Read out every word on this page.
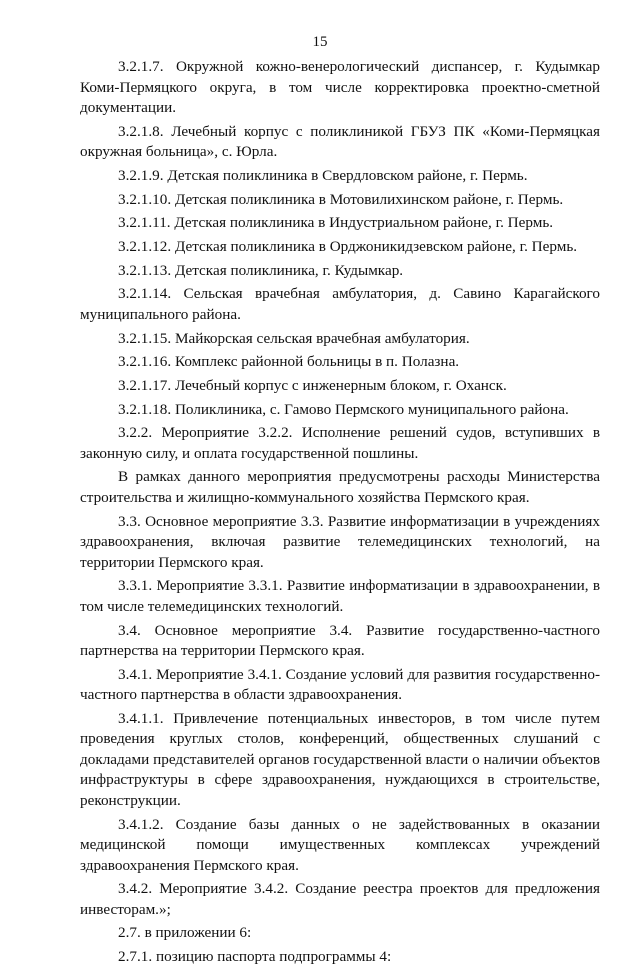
15

3.2.1.7. Окружной кожно-венерологический диспансер, г. Кудымкар Коми-Пермяцкого округа, в том числе корректировка проектно-сметной документации.

3.2.1.8. Лечебный корпус с поликлиникой ГБУЗ ПК «Коми-Пермяцкая окружная больница», с. Юрла.

3.2.1.9. Детская поликлиника в Свердловском районе, г. Пермь.

3.2.1.10. Детская поликлиника в Мотовилихинском районе, г. Пермь.

3.2.1.11. Детская поликлиника в Индустриальном районе, г. Пермь.

3.2.1.12. Детская поликлиника в Орджоникидзевском районе, г. Пермь.

3.2.1.13. Детская поликлиника, г. Кудымкар.

3.2.1.14. Сельская врачебная амбулатория, д. Савино Карагайского муниципального района.

3.2.1.15. Майкорская сельская врачебная амбулатория.

3.2.1.16. Комплекс районной больницы в п. Полазна.

3.2.1.17. Лечебный корпус с инженерным блоком, г. Оханск.

3.2.1.18. Поликлиника, с. Гамово Пермского муниципального района.

3.2.2. Мероприятие 3.2.2. Исполнение решений судов, вступивших в законную силу, и оплата государственной пошлины.

В рамках данного мероприятия предусмотрены расходы Министерства строительства и жилищно-коммунального хозяйства Пермского края.

3.3. Основное мероприятие 3.3. Развитие информатизации в учреждениях здравоохранения, включая развитие телемедицинских технологий, на территории Пермского края.

3.3.1. Мероприятие 3.3.1. Развитие информатизации в здравоохранении, в том числе телемедицинских технологий.

3.4. Основное мероприятие 3.4. Развитие государственно-частного партнерства на территории Пермского края.

3.4.1. Мероприятие 3.4.1. Создание условий для развития государственно-частного партнерства в области здравоохранения.

3.4.1.1. Привлечение потенциальных инвесторов, в том числе путем проведения круглых столов, конференций, общественных слушаний с докладами представителей органов государственной власти о наличии объектов инфраструктуры в сфере здравоохранения, нуждающихся в строительстве, реконструкции.

3.4.1.2. Создание базы данных о не задействованных в оказании медицинской помощи имущественных комплексах учреждений здравоохранения Пермского края.

3.4.2. Мероприятие 3.4.2. Создание реестра проектов для предложения инвесторам.»;

2.7. в приложении 6:

2.7.1. позицию паспорта подпрограммы 4:
